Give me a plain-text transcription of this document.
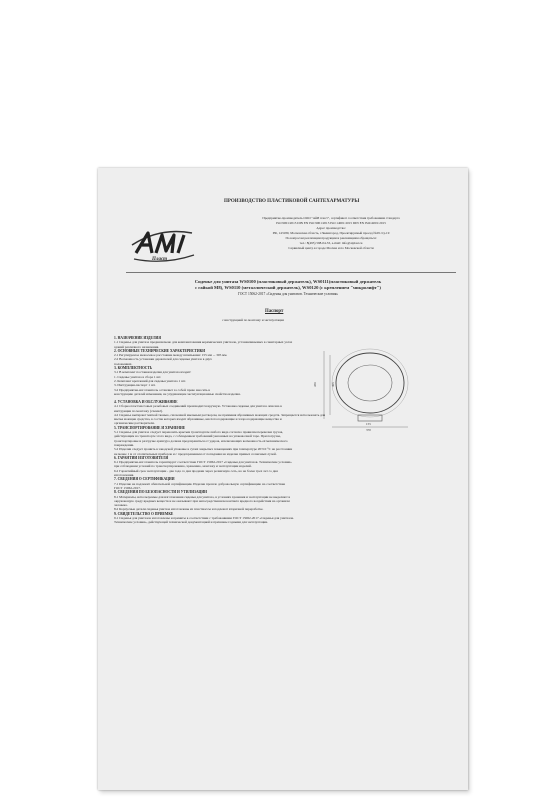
ПРОИЗВОДСТВО ПЛАСТИКОВОЙ САНТЕХАРМАТУРЫ
Пласт
Предприятие-производитель ООО "АйИ пласт", сертификат соответствия требованиям стандарта
ISO 9001:2015 DIN EN ISO 9001:2015 ISO 14001:2015 DIN EN ISO14001:2015
Адрес производства:
РФ, 143180, Московская область, г.Звенигород, Проектируемый проезд №29 стр.19
По вопросам реализации продукции и рекламациям обращаться:
тел.: 8(495) 598-04-33, e-mail: info@aiplast.ru
Сервисный центр в городе Москва и по Московской области
Сиденье для унитаза WS0100 (пластиковый держатель), WS0111(пластиковый держатель
с гайкой M8), WS0110 (металлический держатель), WS0120 (с креплением "микролифт")
ГОСТ 15062-2017 «Сиденья для унитазов. Технические условия»
Паспорт
с инструкцией по монтажу и эксплуатации
450	305
155
370
1. НАЗНАЧЕНИЕ ИЗДЕЛИЯ
1.1 Сиденье для унитаза предназначено для комплектования керамических унитазов, устанавливаемых в санитарных узлах
зданий различного назначения.
2. ОСНОВНЫЕ ТЕХНИЧЕСКИЕ ХАРАКТЕРИСТИКИ
2.1 Регулируемое межосевое расстояние между шпильками: 155 мм ... 305 мм.
2.2 Возможность установки держателей для сиденья унитаза в двух
положениях.
3. КОМПЛЕКТНОСТЬ
3.1 В комплект поставки изделия для унитаза входит:
1. Сиденье унитаза в сборе 1 шт.
2. Комплект креплений для сиденья унитаза 1 шт.
3. Инструкция-паспорт 1 шт.
3.2 Предприятие-изготовитель оставляет за собой право вносить в
конструкцию деталей изменения, не ухудшающие эксплуатационные свойства изделия.
4. УСТАНОВКА И ОБСЛУЖИВАНИЕ
4.1 Сборка пластмассовых резьбовых соединений производится вручную. Установка сиденья для унитаза описана в
инструкции по монтажу (схеме2).
4.2 Сиденье вытирают мягкой тканью, смоченной мыльным раствором, не применяя абразивных моющих средств. Запрещается использовать для
мытья моющие средства, в состав которых входят абразивные, кислотосодержащие и хлоросодержащие вещества и
органические растворители.
5. ТРАНСПОРТИРОВАНИЕ И ХРАНЕНИЕ
5.1 Сиденье для унитаза следует перевозить крытым транспортом любого вида согласно правилам перевозки грузов,
действующим на транспорте этого вида, с соблюдением требований указанных на упаковочной таре. При погрузке,
транспортировке и разгрузке арматура должна предохраняться от ударов, исключающих возможность её механического
повреждения.
5.2 Изделия следует хранить в заводской упаковке в сухих закрытых помещениях при температуре 20±10 °С на расстоянии
не менее 1 м от отопительных приборов и с предохранением от попадания на изделие прямых солнечных лучей.
6. ГАРАНТИИ ИЗГОТОВИТЕЛЯ
6.1 Предприятие-изготовитель гарантирует соответствие ГОСТ 15062-2017 «Сиденья для унитазов. Технические условия»
при соблюдении условий по транспортированию, хранению, монтажу и эксплуатации изделий.
6.2 Гарантийный срок эксплуатации - два года со дня продажи через розничную сеть, но не более трех лет со дня
изготовления.
7. СВЕДЕНИЯ О СЕРТИФИКАЦИИ
7.1 Изделие не подлежит обязательной сертификации. Изделие прошло добровольную сертификацию на соответствие
ГОСТ 15062-2017.
8. СВЕДЕНИЯ ПО БЕЗОПАСНОСТИ И УТИЛИЗАЦИИ
8.1 Материалы, используемые для изготовления сиденья для унитаза, в условиях хранения и эксплуатации не выделяют в
окружающую среду вредных веществ и не оказывают при непосредственном контакте вредного воздействия на организм
человека.
8.2 Корпусные детали сиденья унитаза изготовлены из пластмассы и подлежат вторичной переработке.
9. СВИДЕТЕЛЬСТВО О ПРИЁМКЕ
9.1 Сиденья для унитазов изготовлены и приняты в соответствии с требованиями ГОСТ 15062-2017 «Сиденья для унитазов.
Технические условия», действующей технической документацией и признаны годными для эксплуатации.
